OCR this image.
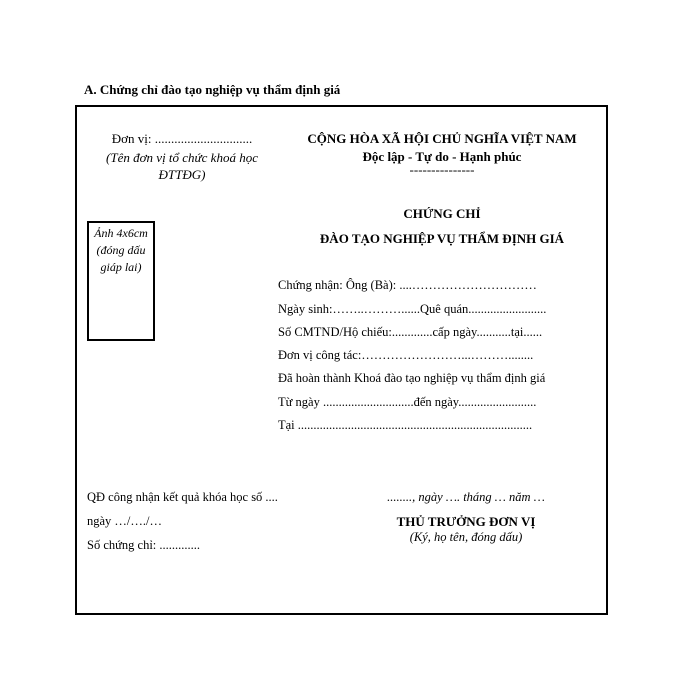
A. Chứng chỉ đào tạo nghiệp vụ thẩm định giá
Đơn vị: ..............................
(Tên đơn vị tổ chức khoá học ĐTTĐG)
CỘNG HÒA XÃ HỘI CHỦ NGHĨA VIỆT NAM
Độc lập - Tự do - Hạnh phúc
---------------
Ảnh 4x6cm (đóng dấu giáp lai)
CHỨNG CHỈ
ĐÀO TẠO NGHIỆP VỤ THẨM ĐỊNH GIÁ
Chứng nhận: Ông (Bà): ....…………………………
Ngày sinh:……..………......Quê quán.........................
Số CMTND/Hộ chiếu:.............cấp ngày...........tại......
Đơn vị công tác:……………………...………........
Đã hoàn thành Khoá đào tạo nghiệp vụ thẩm định giá
Từ ngày .............................đến ngày.........................
Tại ...........................................................................
QĐ công nhận kết quả khóa học số ....
ngày …/…./…
Số chứng chỉ: .............
........, ngày …. tháng … năm …
THỦ TRƯỞNG ĐƠN VỊ
(Ký, họ tên, đóng dấu)
